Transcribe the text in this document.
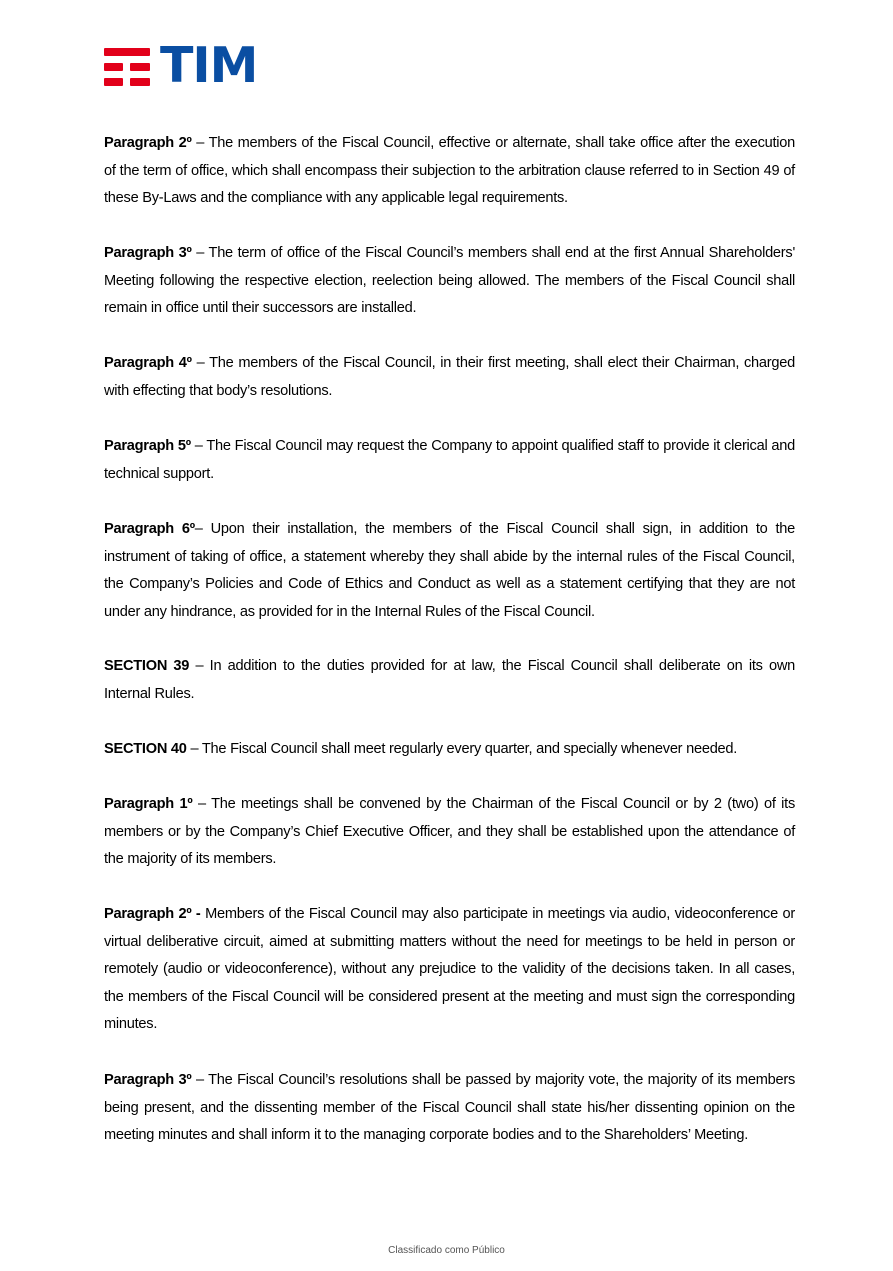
TIM

Paragraph 2º – The members of the Fiscal Council, effective or alternate, shall take office after the execution of the term of office, which shall encompass their subjection to the arbitration clause referred to in Section 49 of these By-Laws and the compliance with any applicable legal requirements.

Paragraph 3º – The term of office of the Fiscal Council’s members shall end at the first Annual Shareholders' Meeting following the respective election, reelection being allowed. The members of the Fiscal Council shall remain in office until their successors are installed.

Paragraph 4º – The members of the Fiscal Council, in their first meeting, shall elect their Chairman, charged with effecting that body’s resolutions.

Paragraph 5º – The Fiscal Council may request the Company to appoint qualified staff to provide it clerical and technical support.

Paragraph 6º– Upon their installation, the members of the Fiscal Council shall sign, in addition to the instrument of taking of office, a statement whereby they shall abide by the internal rules of the Fiscal Council, the Company’s Policies and Code of Ethics and Conduct as well as a statement certifying that they are not under any hindrance, as provided for in the Internal Rules of the Fiscal Council.

SECTION 39 – In addition to the duties provided for at law, the Fiscal Council shall deliberate on its own Internal Rules.

SECTION 40 – The Fiscal Council shall meet regularly every quarter, and specially whenever needed.

Paragraph 1º – The meetings shall be convened by the Chairman of the Fiscal Council or by 2 (two) of its members or by the Company’s Chief Executive Officer, and they shall be established upon the attendance of the majority of its members.

Paragraph 2º - Members of the Fiscal Council may also participate in meetings via audio, videoconference or virtual deliberative circuit, aimed at submitting matters without the need for meetings to be held in person or remotely (audio or videoconference), without any prejudice to the validity of the decisions taken. In all cases, the members of the Fiscal Council will be considered present at the meeting and must sign the corresponding minutes.

Paragraph 3º – The Fiscal Council’s resolutions shall be passed by majority vote, the majority of its members being present, and the dissenting member of the Fiscal Council shall state his/her dissenting opinion on the meeting minutes and shall inform it to the managing corporate bodies and to the Shareholders’ Meeting.

Classificado como Público
